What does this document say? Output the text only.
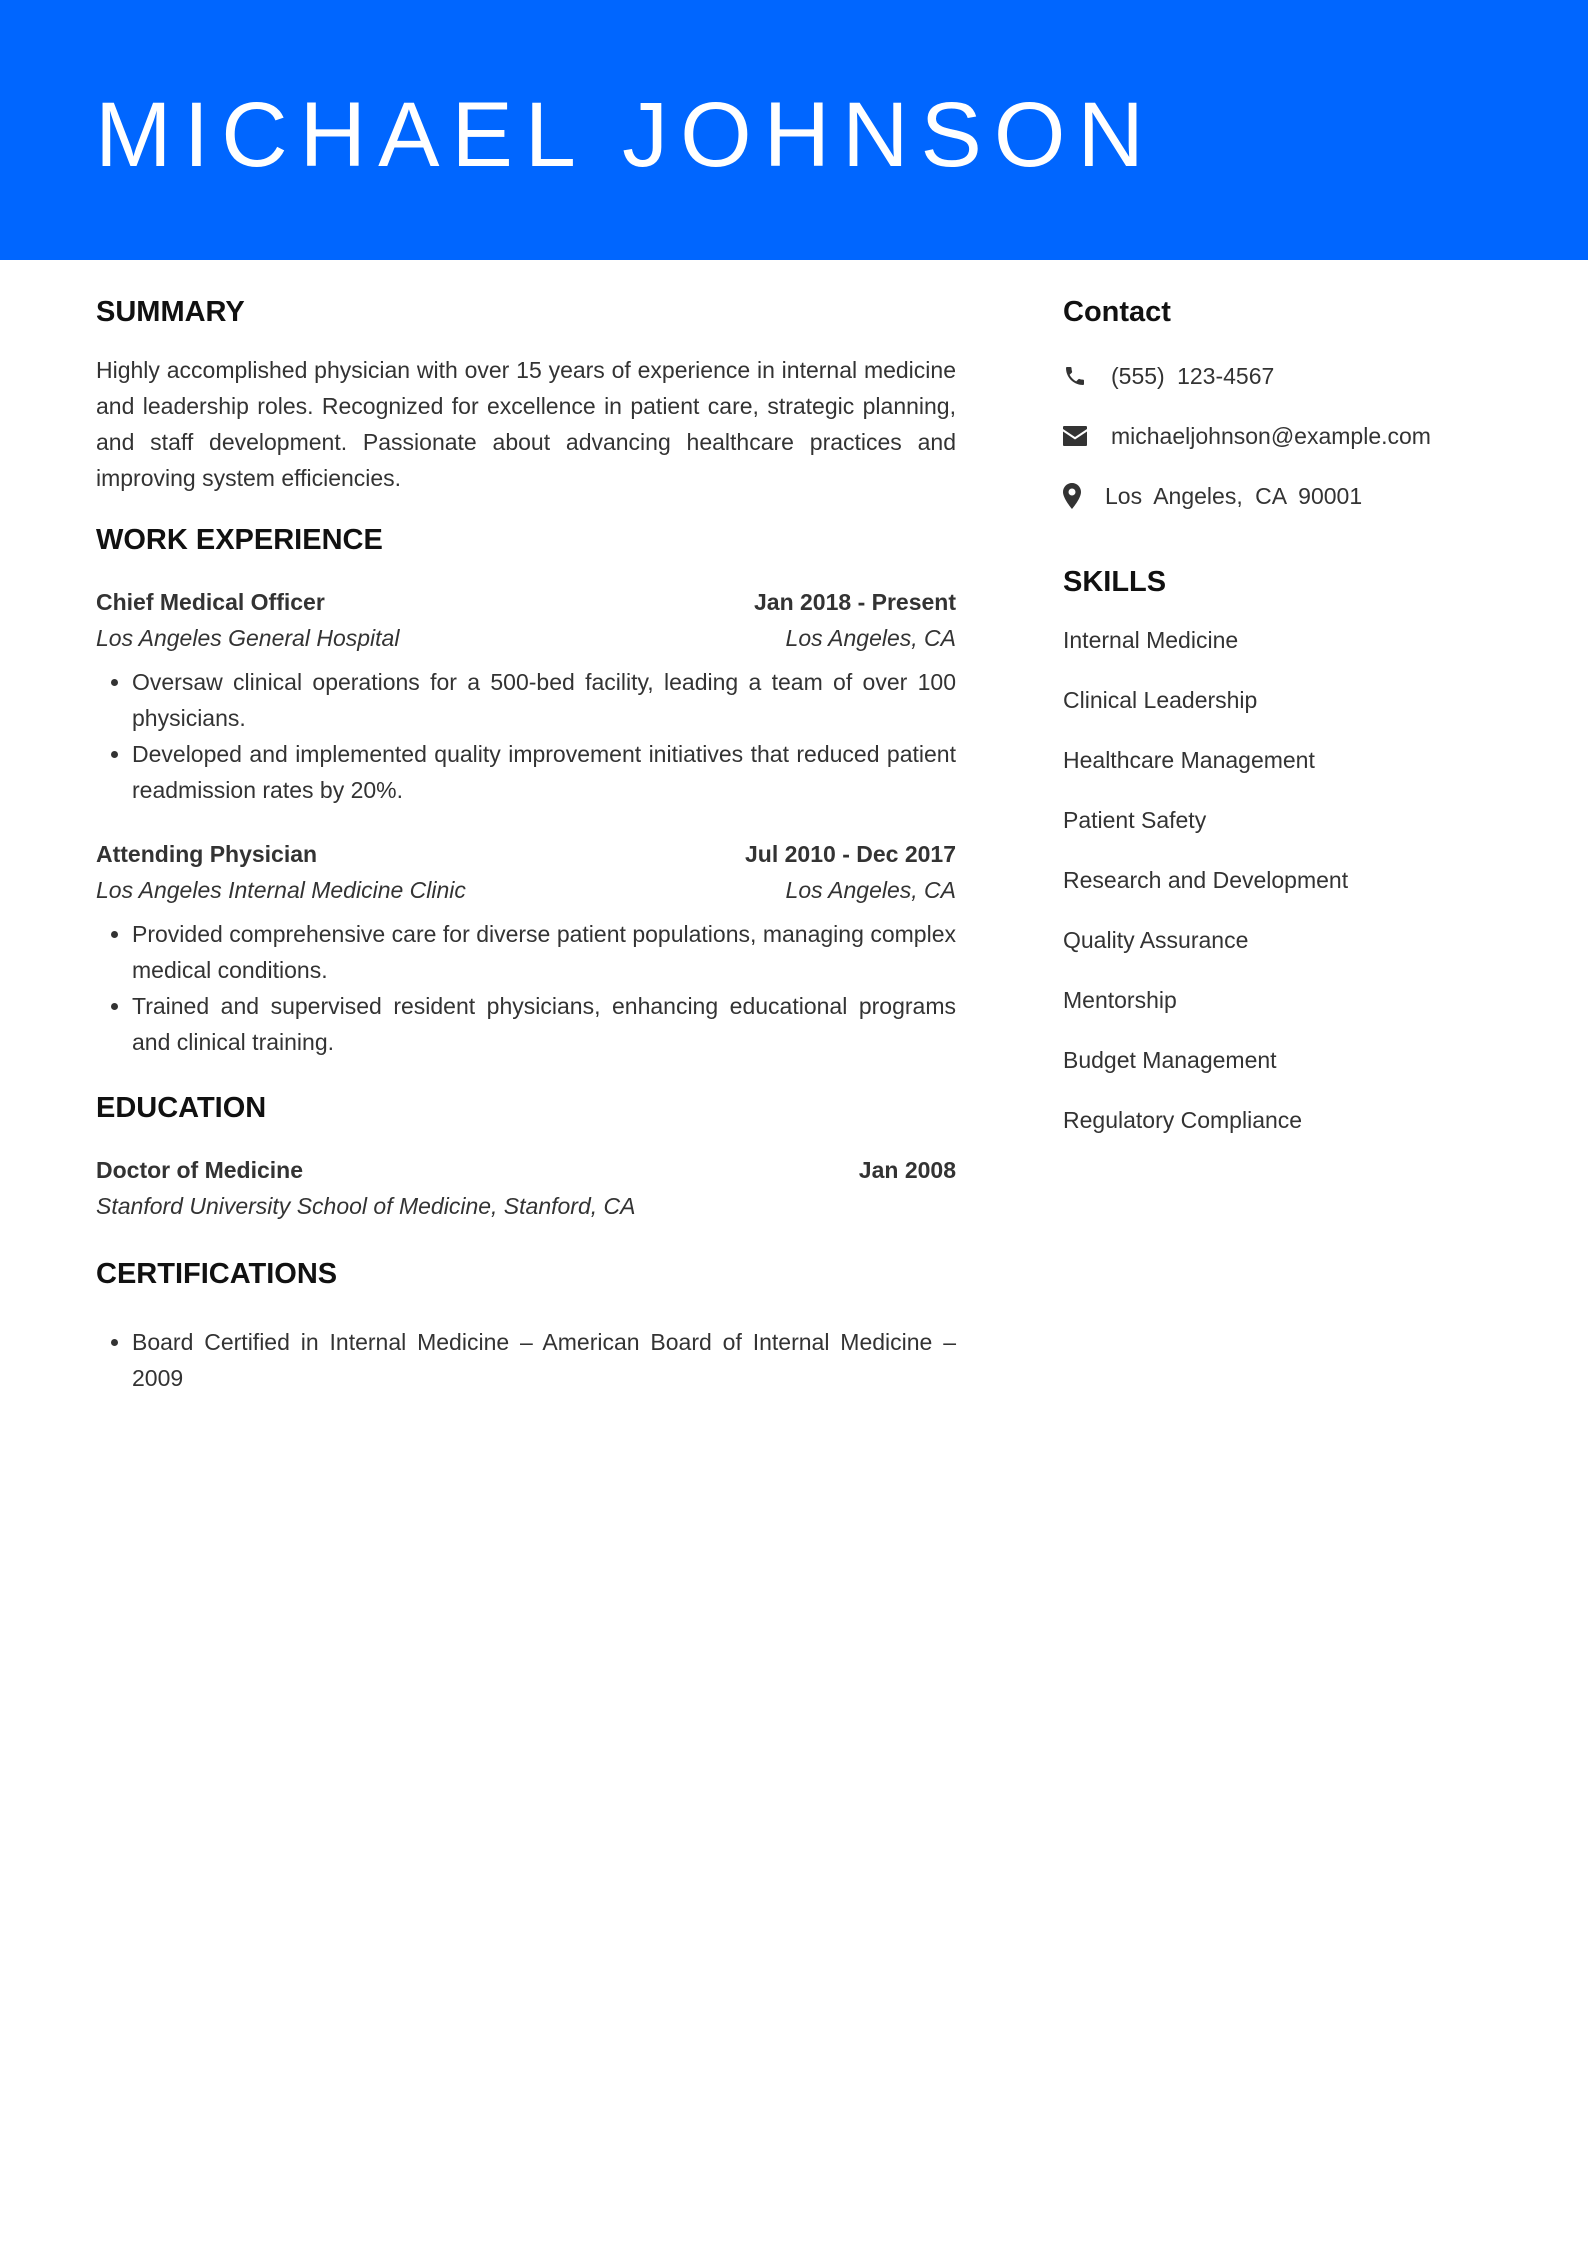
MICHAEL JOHNSON
SUMMARY

Highly accomplished physician with over 15 years of experience in internal medicine and leadership roles. Recognized for excellence in patient care, strategic planning, and staff development. Passionate about advancing healthcare practices and improving system efficiencies.

WORK EXPERIENCE
Chief Medical Officer	Jan 2018 - Present
Los Angeles General Hospital	Los Angeles, CA
• Oversaw clinical operations for a 500-bed facility, leading a team of over 100 physicians.
• Developed and implemented quality improvement initiatives that reduced patient readmission rates by 20%.
Attending Physician	Jul 2010 - Dec 2017
Los Angeles Internal Medicine Clinic	Los Angeles, CA
• Provided comprehensive care for diverse patient populations, managing complex medical conditions.
• Trained and supervised resident physicians, enhancing educational programs and clinical training.
EDUCATION
Doctor of Medicine	Jan 2008
Stanford University School of Medicine, Stanford, CA
CERTIFICATIONS
• Board Certified in Internal Medicine – American Board of Internal Medicine – 2009
Contact
(555) 123-4567
michaeljohnson@example.com
Los Angeles, CA 90001
SKILLS
Internal Medicine
Clinical Leadership
Healthcare Management
Patient Safety
Research and Development
Quality Assurance
Mentorship
Budget Management
Regulatory Compliance
